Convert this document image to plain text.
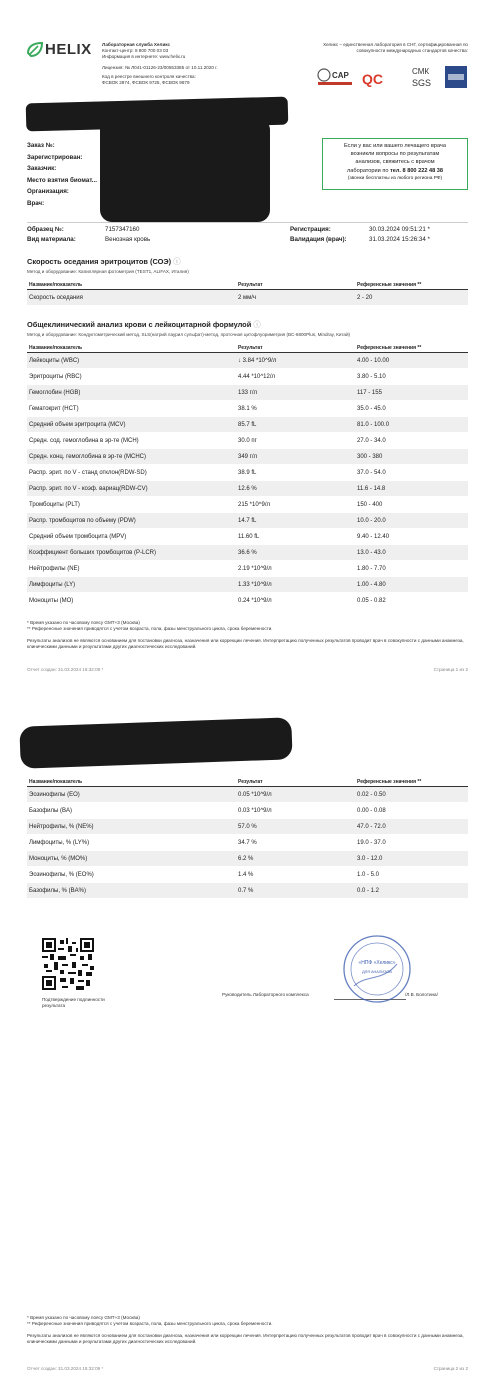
HELIX Лабораторная служба Хеликс
Контакт-центр: 8 800 700 03 03
Информация в интернете: www.helix.ru
Лицензия: № Л041-01126-23/00553385 от 10.11.2020 г.
Код в реестре внешнего контроля качества:
ФСВОК 2874, ФСВОК 9725, ФСВОК 9879
Хеликс – единственная лаборатория в СНГ, сертифицированная по совокупности международных стандартов качества:
CAP QC	СМК
SGS
Заказ №:
Зарегистрирован:
Заказчик:
Место взятия биомат...
Организация:
Врач:
Если у вас или вашего лечащего врача
возникли вопросы по результатам
анализов, свяжитесь с врачом
лаборатории по тел. 8 800 222 48 38
(звонки бесплатны из любого региона РФ)
Образец №:	7157347160
Вид материала:	Венозная кровь
Регистрация:	30.03.2024 09:51:21 *
Валидация (врач):	31.03.2024 15:26:34 *
Скорость оседания эритроцитов (СОЭ) ⓘ
Метод и оборудование: Капиллярная фотометрия (TEST1, ALIFAX, Италия)
Название/показатель	Результат	Референсные значения **
Скорость оседания	2 мм/ч	2 - 20
Общеклинический анализ крови с лейкоцитарной формулой ⓘ
Метод и оборудование: Кондуктометрический метод, SLS(натрий лаурил сульфат)-метод, проточная цитофлуориметрия (BC-6800Plus, Mindray, Китай)
Название/показатель	Результат	Референсные значения **
Лейкоциты (WBC)	↓ 3.84 *10^9/л	4.00 - 10.00
Эритроциты (RBC)	4.44 *10^12/л	3.80 - 5.10
Гемоглобин (HGB)	133 г/л	117 - 155
Гематокрит (HCT)	38.1 %	35.0 - 45.0
Средний объем эритроцита (MCV)	85.7 fL	81.0 - 100.0
Средн. сод. гемоглобина в эр-те (MCH)	30.0 пг	27.0 - 34.0
Средн. конц. гемоглобина в эр-те (MCHC)	349 г/л	300 - 380
Распр. эрит. по V - станд отклон(RDW-SD)	38.9 fL	37.0 - 54.0
Распр. эрит. по V - коэф. вариац(RDW-CV)	12.6 %	11.6 - 14.8
Тромбоциты (PLT)	215 *10^9/л	150 - 400
Распр. тромбоцитов по объему (PDW)	14.7 fL	10.0 - 20.0
Средний объем тромбоцита (MPV)	11.60 fL	9.40 - 12.40
Коэффициент больших тромбоцитов (P-LCR)	36.6 %	13.0 - 43.0
Нейтрофилы (NE)	2.19 *10^9/л	1.80 - 7.70
Лимфоциты (LY)	1.33 *10^9/л	1.00 - 4.80
Моноциты (MO)	0.24 *10^9/л	0.05 - 0.82
* Время указано по часовому поясу GMT+3 (Москва)
** Референсные значения приводятся с учетом возраста, пола, фазы менструального цикла, срока беременности.
Результаты анализов не являются основанием для постановки диагноза, назначения или коррекции лечения. Интерпретацию полученных результатов проводит врач в совокупности с данными анамнеза, клиническими данными и результатами других диагностических исследований.
Отчет создан: 31.03.2024 15:32:09 *	Страница 1 из 2
Название/показатель	Результат	Референсные значения **
Эозинофилы (EO)	0.05 *10^9/л	0.02 - 0.50
Базофилы (BA)	0.03 *10^9/л	0.00 - 0.08
Нейтрофилы, % (NE%)	57.0 %	47.0 - 72.0
Лимфоциты, % (LY%)	34.7 %	19.0 - 37.0
Моноциты, % (MO%)	6.2 %	3.0 - 12.0
Эозинофилы, % (EO%)	1.4 %	1.0 - 5.0
Базофилы, % (BA%)	0.7 %	0.0 - 1.2
Подтверждение подлинности результата
Руководитель Лабораторного комплекса	/Л.В. Болотина/
«НПФ «Хеликс»
ДЛЯ АНАЛИЗОВ
* Время указано по часовому поясу GMT+3 (Москва)
** Референсные значения приводятся с учетом возраста, пола, фазы менструального цикла, срока беременности.
Результаты анализов не являются основанием для постановки диагноза, назначения или коррекции лечения. Интерпретацию полученных результатов проводит врач в совокупности с данными анамнеза, клиническими данными и результатами других диагностических исследований.
Отчет создан: 31.03.2024 15:32:09 *	Страница 2 из 2
